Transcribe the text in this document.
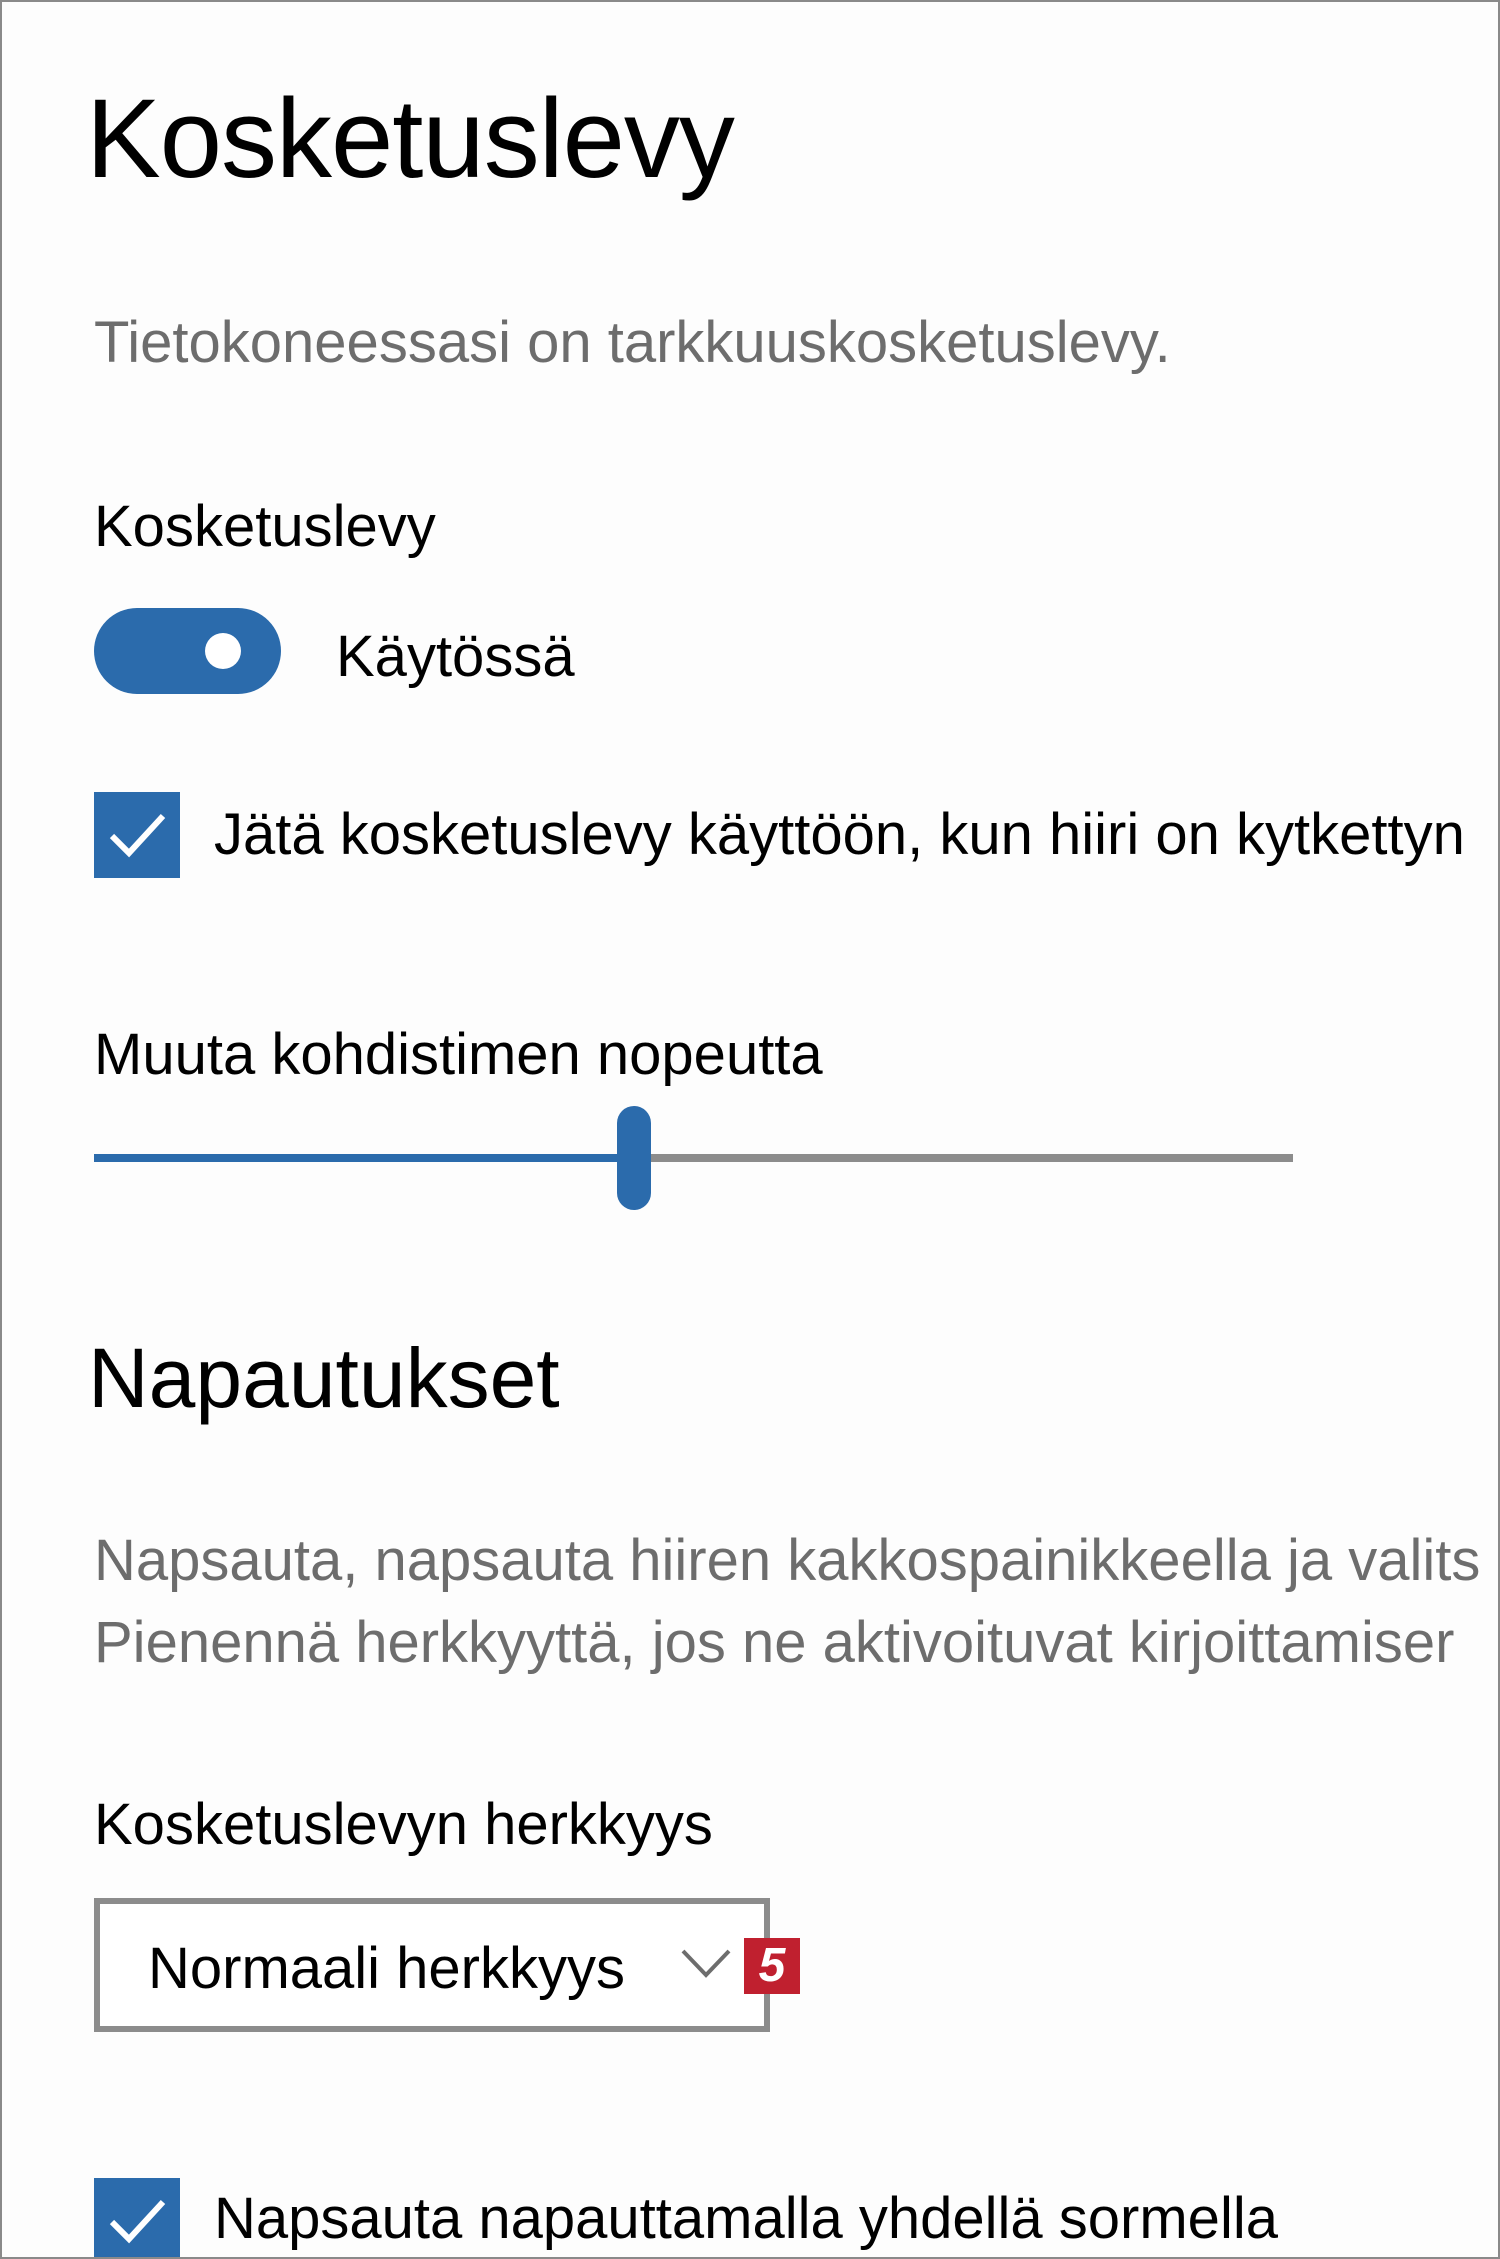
Kosketuslevy
Tietokoneessasi on tarkkuuskosketuslevy.
Kosketuslevy
Käytössä
Jätä kosketuslevy käyttöön, kun hiiri on kytkettyn
Muuta kohdistimen nopeutta
Napautukset
Napsauta, napsauta hiiren kakkospainikkeella ja valits
Pienennä herkkyyttä, jos ne aktivoituvat kirjoittamiser
Kosketuslevyn herkkyys
Normaali herkkyys	5
Napsauta napauttamalla yhdellä sormella
